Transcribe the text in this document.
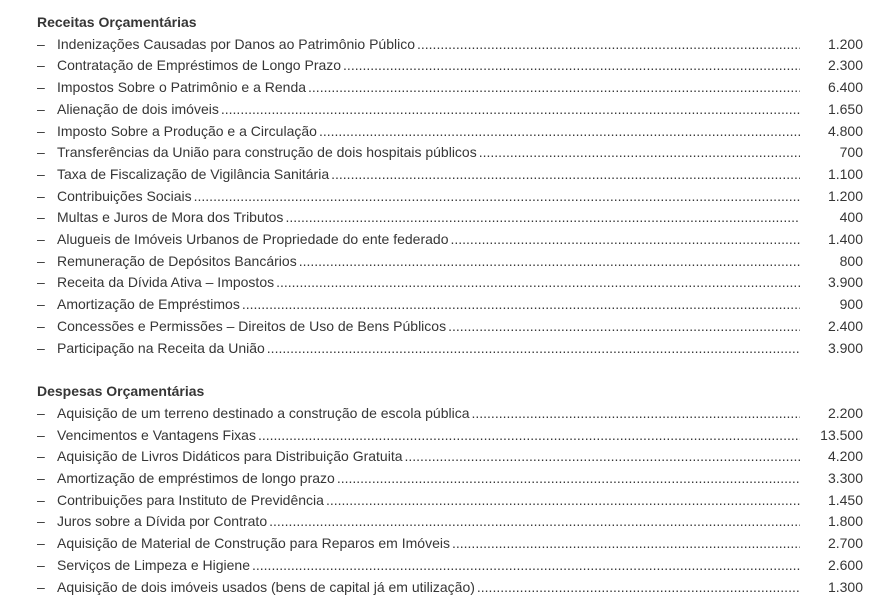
Receitas Orçamentárias
– Indenizações Causadas por Danos ao Patrimônio Público .....	1.200
– Contratação de Empréstimos de Longo Prazo .....	2.300
– Impostos Sobre o Patrimônio e a Renda .....	6.400
– Alienação de dois imóveis .....	1.650
– Imposto Sobre a Produção e a Circulação .....	4.800
– Transferências da União para construção de dois hospitais públicos .....	700
– Taxa de Fiscalização de Vigilância Sanitária .....	1.100
– Contribuições Sociais .....	1.200
– Multas e Juros de Mora dos Tributos .....	400
– Alugueis de Imóveis Urbanos de Propriedade do ente federado .....	1.400
– Remuneração de Depósitos Bancários .....	800
– Receita da Dívida Ativa – Impostos .....	3.900
– Amortização de Empréstimos .....	900
– Concessões e Permissões – Direitos de Uso de Bens Públicos .....	2.400
– Participação na Receita da União .....	3.900
Despesas Orçamentárias
– Aquisição de um terreno destinado a construção de escola pública .....	2.200
– Vencimentos e Vantagens Fixas .....	13.500
– Aquisição de Livros Didáticos para Distribuição Gratuita .....	4.200
– Amortização de empréstimos de longo prazo .....	3.300
– Contribuições para Instituto de Previdência .....	1.450
– Juros sobre a Dívida por Contrato .....	1.800
– Aquisição de Material de Construção para Reparos em Imóveis .....	2.700
– Serviços de Limpeza e Higiene .....	2.600
– Aquisição de dois imóveis usados (bens de capital já em utilização) .....	1.300
